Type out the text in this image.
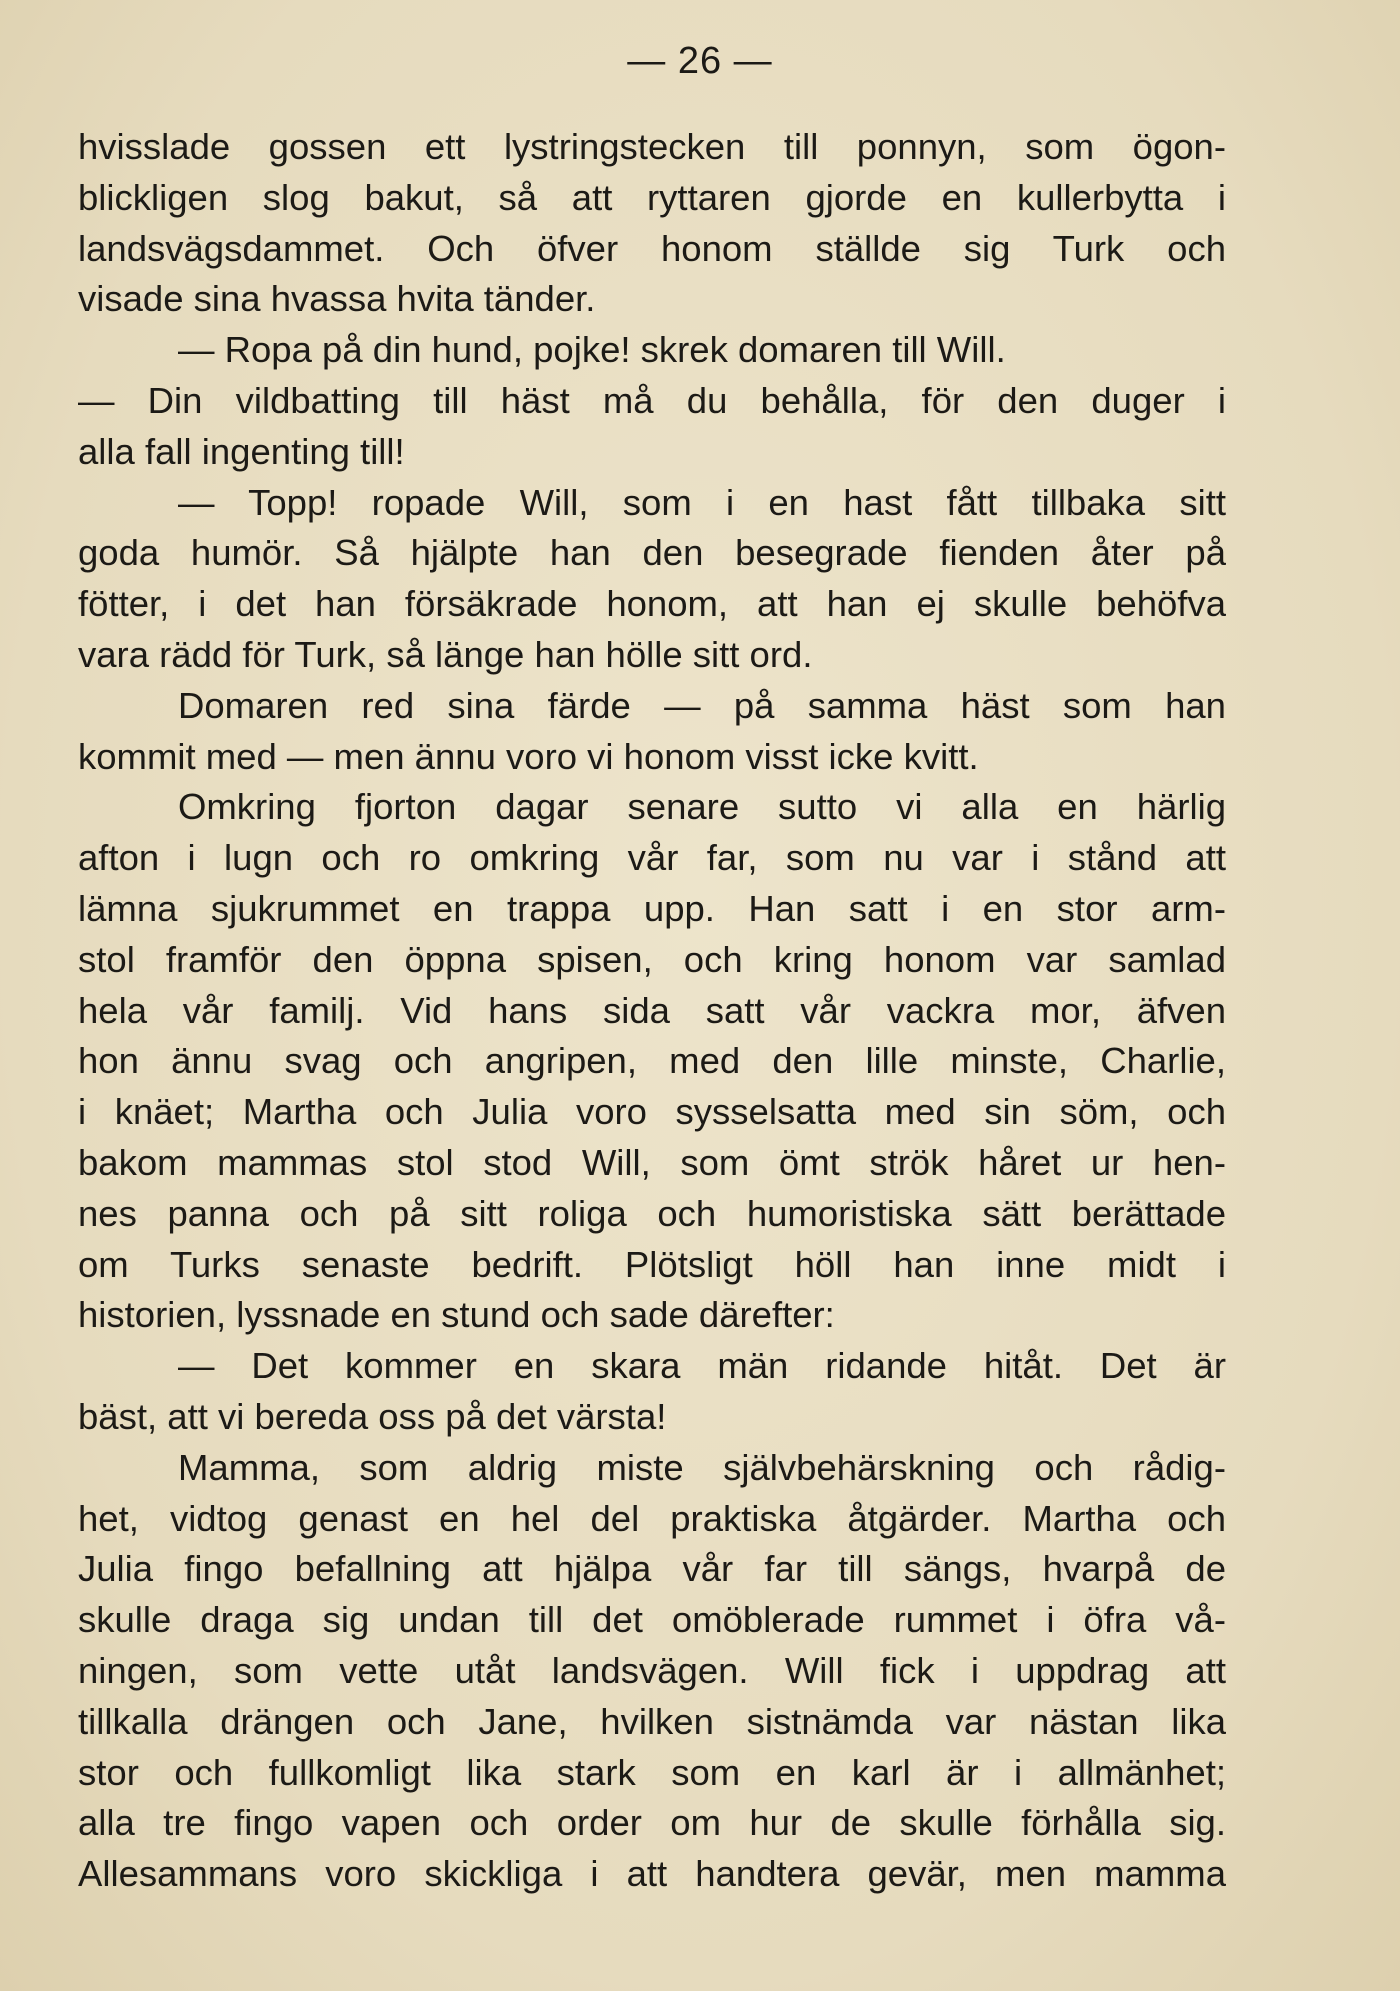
— 26 —
hvisslade gossen ett lystringstecken till ponnyn, som ögon-
blickligen slog bakut, så att ryttaren gjorde en kullerbytta i
landsvägsdammet. Och öfver honom ställde sig Turk och
visade sina hvassa hvita tänder.
— Ropa på din hund, pojke! skrek domaren till Will.
— Din vildbatting till häst må du behålla, för den duger i
alla fall ingenting till!
— Topp! ropade Will, som i en hast fått tillbaka sitt
goda humör. Så hjälpte han den besegrade fienden åter på
fötter, i det han försäkrade honom, att han ej skulle behöfva
vara rädd för Turk, så länge han hölle sitt ord.
Domaren red sina färde — på samma häst som han
kommit med — men ännu voro vi honom visst icke kvitt.
Omkring fjorton dagar senare sutto vi alla en härlig
afton i lugn och ro omkring vår far, som nu var i stånd att
lämna sjukrummet en trappa upp. Han satt i en stor arm-
stol framför den öppna spisen, och kring honom var samlad
hela vår familj. Vid hans sida satt vår vackra mor, äfven
hon ännu svag och angripen, med den lille minste, Charlie,
i knäet; Martha och Julia voro sysselsatta med sin söm, och
bakom mammas stol stod Will, som ömt strök håret ur hen-
nes panna och på sitt roliga och humoristiska sätt berättade
om Turks senaste bedrift. Plötsligt höll han inne midt i
historien, lyssnade en stund och sade därefter:
— Det kommer en skara män ridande hitåt. Det är
bäst, att vi bereda oss på det värsta!
Mamma, som aldrig miste självbehärskning och rådig-
het, vidtog genast en hel del praktiska åtgärder. Martha och
Julia fingo befallning att hjälpa vår far till sängs, hvarpå de
skulle draga sig undan till det omöblerade rummet i öfra vå-
ningen, som vette utåt landsvägen. Will fick i uppdrag att
tillkalla drängen och Jane, hvilken sistnämda var nästan lika
stor och fullkomligt lika stark som en karl är i allmänhet;
alla tre fingo vapen och order om hur de skulle förhålla sig.
Allesammans voro skickliga i att handtera gevär, men mamma
